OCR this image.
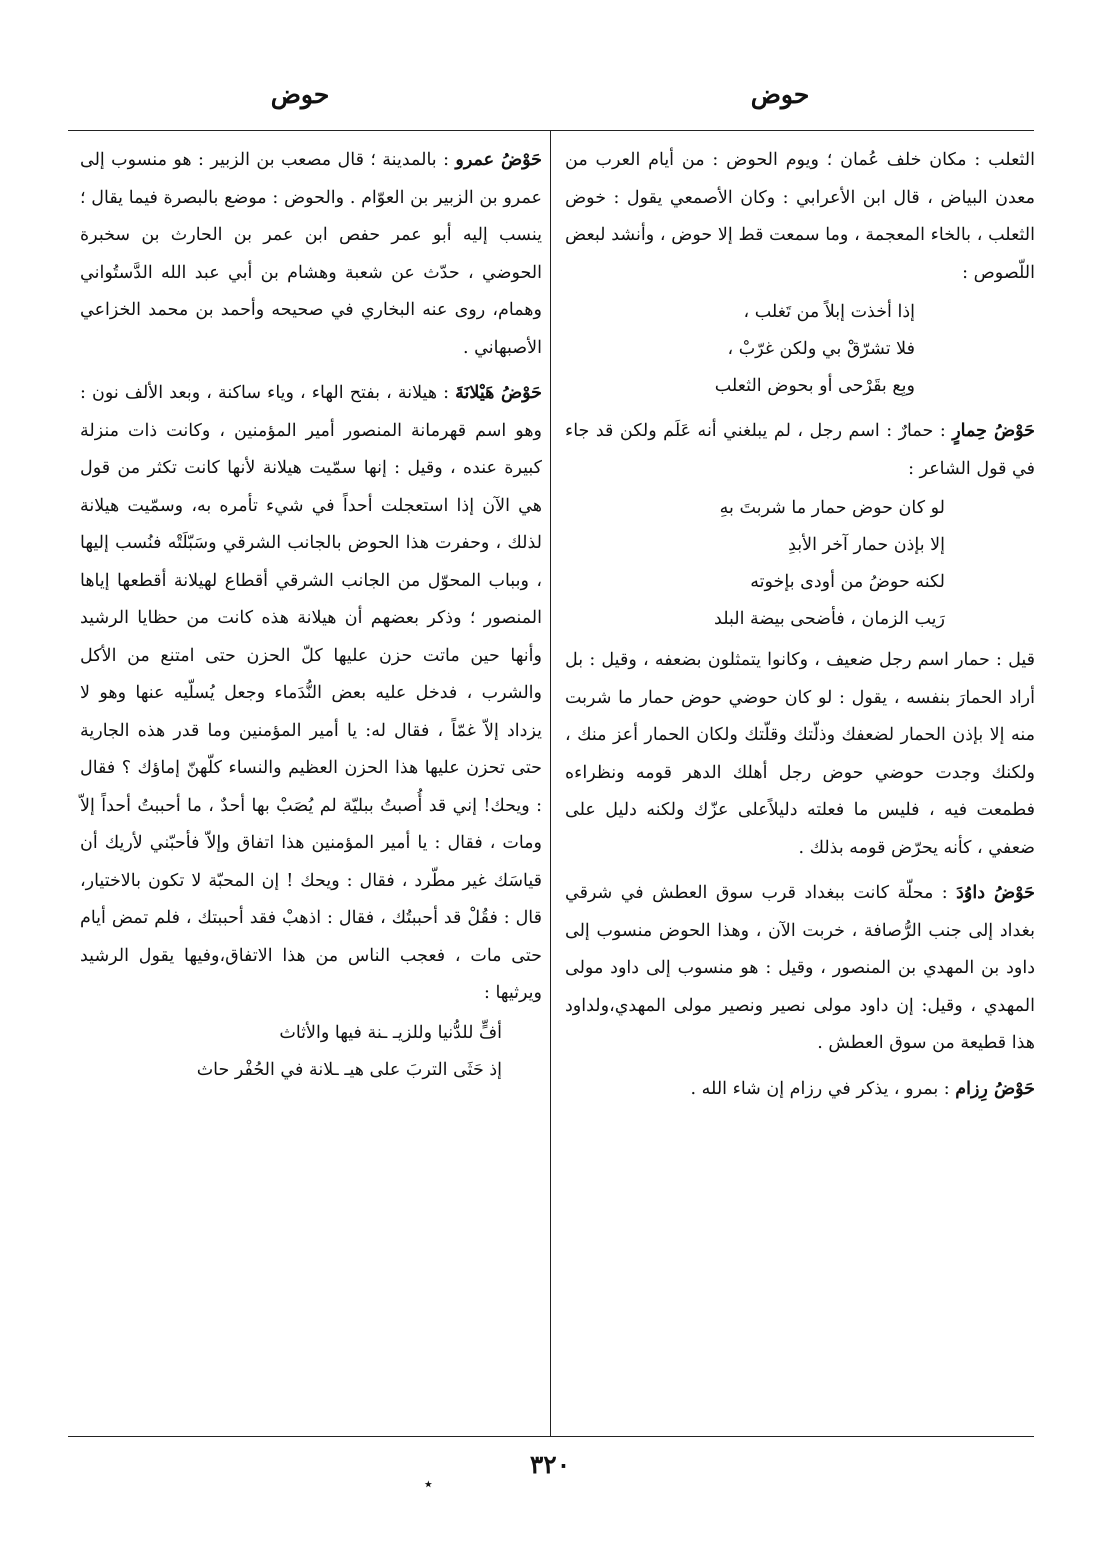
حوض
حوض

الثعلب : مكان خلف عُمان ؛ ويوم الحوض : من أيام العرب من معدن البياض ، قال ابن الأعرابي : وكان الأصمعي يقول : خوض الثعلب ، بالخاء المعجمة ، وما سمعت قط إلا حوض ، وأنشد لبعض اللّصوص :

إذا أخذت إبلاً من تَغلب ،
فلا تشرّقْ بي ولكن غرّبْ ،
وبِع بقَرْحى أو بحوض الثعلب

حَوْضُ حِمارٍ : حمارٌ : اسم رجل ، لم يبلغني أنه عَلَم ولكن قد جاء في قول الشاعر :

لو كان حوض حمار ما شربتَ بهِ
إلا بإذن حمار آخر الأبدِ
لكنه حوضُ من أودى بإخوته
رَيب الزمان ، فأضحى بيضة البلد

قيل : حمار اسم رجل ضعيف ، وكانوا يتمثلون بضعفه ، وقيل : بل أراد الحمارَ بنفسه ، يقول : لو كان حوضي حوض حمار ما شربت منه إلا بإذن الحمار لضعفك وذلّتك وقلّتك ولكان الحمار أعز منك ، ولكنك وجدت حوضي حوض رجل أهلك الدهر قومه ونظراءه فطمعت فيه ، فليس ما فعلته دليلاًعلى عزّك ولكنه دليل على ضعفي ، كأنه يحرّض قومه بذلك .

حَوْضُ داوُدَ : محلّة كانت ببغداد قرب سوق العطش في شرقي بغداد إلى جنب الرُّصافة ، خربت الآن ، وهذا الحوض منسوب إلى داود بن المهدي بن المنصور ، وقيل : هو منسوب إلى داود مولى المهدي ، وقيل: إن داود مولى نصير ونصير مولى المهدي،ولداود هذا قطيعة من سوق العطش .

حَوْضُ رِزام : بمرو ، يذكر في رزام إن شاء الله .

حَوْضُ عمرو : بالمدينة ؛ قال مصعب بن الزبير : هو منسوب إلى عمرو بن الزبير بن العوّام . والحوض : موضع بالبصرة فيما يقال ؛ ينسب إليه أبو عمر حفص ابن عمر بن الحارث بن سخبرة الحوضي ، حدّث عن شعبة وهشام بن أبي عبد الله الدَّستُواني وهمام، روى عنه البخاري في صحيحه وأحمد بن محمد الخزاعي الأصبهاني .

حَوْضُ هَيْلانَةَ : هيلانة ، بفتح الهاء ، وياء ساكنة ، وبعد الألف نون : وهو اسم قهرمانة المنصور أمير المؤمنين ، وكانت ذات منزلة كبيرة عنده ، وقيل : إنها سمّيت هيلانة لأنها كانت تكثر من قول هي الآن إذا استعجلت أحداً في شيء تأمره به، وسمّيت هيلانة لذلك ، وحفرت هذا الحوض بالجانب الشرقي وسَبّلَتْه فنُسب إليها ، وبباب المحوّل من الجانب الشرقي أقطاع لهيلانة أقطعها إياها المنصور ؛ وذكر بعضهم أن هيلانة هذه كانت من حظايا الرشيد وأنها حين ماتت حزن عليها كلّ الحزن حتى امتنع من الأكل والشرب ، فدخل عليه بعض النُّدَماء وجعل يُسلّيه عنها وهو لا يزداد إلاّ غمّاً ، فقال له: يا أمير المؤمنين وما قدر هذه الجارية حتى تحزن عليها هذا الحزن العظيم والنساء كلّهنّ إماؤك ؟ فقال : ويحك! إني قد أُصبتُ ببليّة لم يُصَبْ بها أحدٌ ، ما أحببتُ أحداً إلاّ ومات ، فقال : يا أمير المؤمنين هذا اتفاق وإلاّ فأحبّني لأريك أن قياسَك غير مطّرد ، فقال : ويحك ! إن المحبّة لا تكون بالاختيار، قال : فقُلْ قد أحببتُك ، فقال : اذهبْ فقد أحببتك ، فلم تمض أيام حتى مات ، فعجب الناس من هذا الاتفاق،وفيها يقول الرشيد ويرثيها :

أفٍّ للدُّنيا وللزيـ ـنة فيها والأثاث
إذ حَثَى التربَ على هيـ ـلانة في الحُفْر حاث
٣٢٠
٭
